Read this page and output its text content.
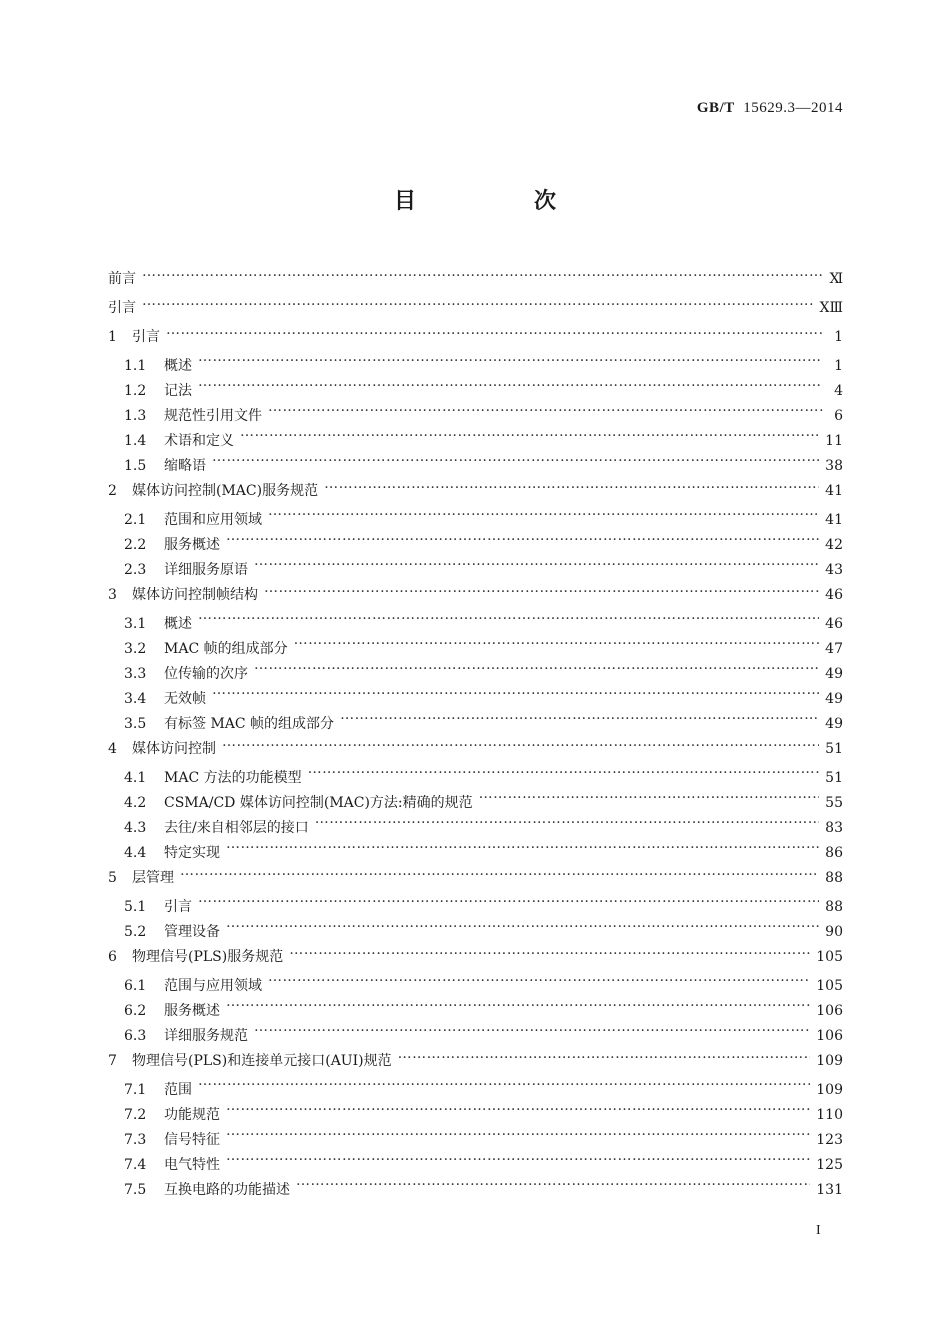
GB/T 15629.3—2014
目　次
前言 ……………………………………………………………………………………………………………………………………………………………………………………………………………………………………	Ⅺ
引言 ……………………………………………………………………………………………………………………………………………………………………………………………………………………………………	ⅩⅢ
1	引言 ……………………………………………………………………………………………………………………………………………………………………………………………………………………………………	1
1.1	概述 ……………………………………………………………………………………………………………………………………………………………………………………………………………………………………	1
1.2	记法 ……………………………………………………………………………………………………………………………………………………………………………………………………………………………………	4
1.3	规范性引用文件 ……………………………………………………………………………………………………………………………………………………………………………………………………………………………………	6
1.4	术语和定义 ……………………………………………………………………………………………………………………………………………………………………………………………………………………………………	11
1.5	缩略语 ……………………………………………………………………………………………………………………………………………………………………………………………………………………………………	38
2	媒体访问控制(MAC)服务规范 ……………………………………………………………………………………………………………………………………………………………………………………………………………………………………	41
2.1	范围和应用领域 ……………………………………………………………………………………………………………………………………………………………………………………………………………………………………	41
2.2	服务概述 ……………………………………………………………………………………………………………………………………………………………………………………………………………………………………	42
2.3	详细服务原语 ……………………………………………………………………………………………………………………………………………………………………………………………………………………………………	43
3	媒体访问控制帧结构 ……………………………………………………………………………………………………………………………………………………………………………………………………………………………………	46
3.1	概述 ……………………………………………………………………………………………………………………………………………………………………………………………………………………………………	46
3.2	MAC 帧的组成部分 ……………………………………………………………………………………………………………………………………………………………………………………………………………………………………	47
3.3	位传输的次序 ……………………………………………………………………………………………………………………………………………………………………………………………………………………………………	49
3.4	无效帧 ……………………………………………………………………………………………………………………………………………………………………………………………………………………………………	49
3.5	有标签 MAC 帧的组成部分 ……………………………………………………………………………………………………………………………………………………………………………………………………………………………………	49
4	媒体访问控制 ……………………………………………………………………………………………………………………………………………………………………………………………………………………………………	51
4.1	MAC 方法的功能模型 ……………………………………………………………………………………………………………………………………………………………………………………………………………………………………	51
4.2	CSMA/CD 媒体访问控制(MAC)方法:精确的规范 ……………………………………………………………………………………………………………………………………………………………………………………………………………………………………	55
4.3	去往/来自相邻层的接口 ……………………………………………………………………………………………………………………………………………………………………………………………………………………………………	83
4.4	特定实现 ……………………………………………………………………………………………………………………………………………………………………………………………………………………………………	86
5	层管理 ……………………………………………………………………………………………………………………………………………………………………………………………………………………………………	88
5.1	引言 ……………………………………………………………………………………………………………………………………………………………………………………………………………………………………	88
5.2	管理设备 ……………………………………………………………………………………………………………………………………………………………………………………………………………………………………	90
6	物理信号(PLS)服务规范 ……………………………………………………………………………………………………………………………………………………………………………………………………………………………………	105
6.1	范围与应用领域 ……………………………………………………………………………………………………………………………………………………………………………………………………………………………………	105
6.2	服务概述 ……………………………………………………………………………………………………………………………………………………………………………………………………………………………………	106
6.3	详细服务规范 ……………………………………………………………………………………………………………………………………………………………………………………………………………………………………	106
7	物理信号(PLS)和连接单元接口(AUI)规范 ……………………………………………………………………………………………………………………………………………………………………………………………………………………………………	109
7.1	范围 ……………………………………………………………………………………………………………………………………………………………………………………………………………………………………	109
7.2	功能规范 ……………………………………………………………………………………………………………………………………………………………………………………………………………………………………	110
7.3	信号特征 ……………………………………………………………………………………………………………………………………………………………………………………………………………………………………	123
7.4	电气特性 ……………………………………………………………………………………………………………………………………………………………………………………………………………………………………	125
7.5	互换电路的功能描述 ……………………………………………………………………………………………………………………………………………………………………………………………………………………………………	131
I
